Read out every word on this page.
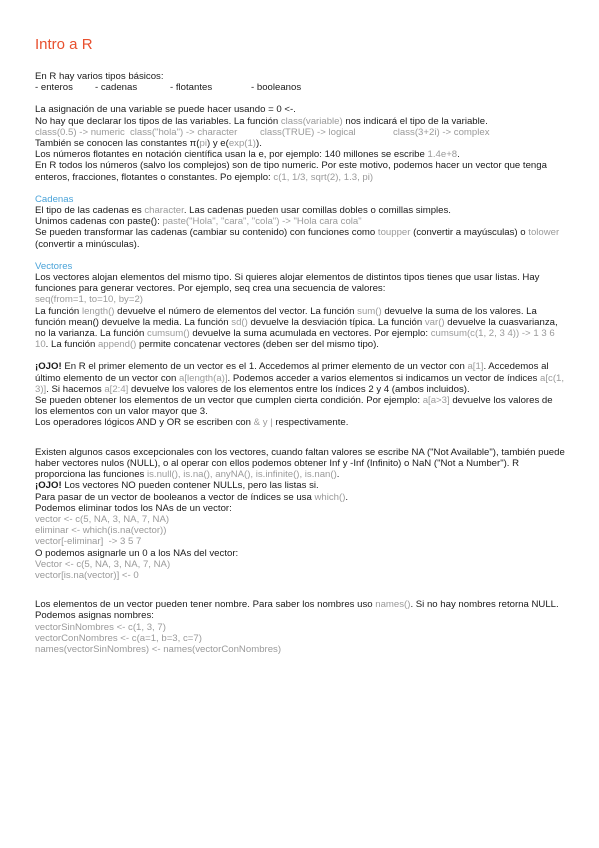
Intro a R

En R hay varios tipos básicos:

- enteros	- cadenas	- flotantes	- booleanos

La asignación de una variable se puede hacer usando = 0 <-.

No hay que declarar los tipos de las variables. La función class(variable) nos indicará el tipo de la variable.

class(0.5) -> numeric class("hola") -> character class(TRUE) -> logical	class(3+2i) -> complex

También se conocen las constantes π(pi) y e(exp(1)).

Los números flotantes en notación científica usan la e, por ejemplo: 140 millones se escribe 1.4e+8.

En R todos los números (salvo los complejos) son de tipo numeric. Por este motivo, podemos hacer un vector que tenga enteros, fracciones, flotantes o constantes. Po ejemplo: c(1, 1/3, sqrt(2), 1.3, pi)

Cadenas

El tipo de las cadenas es character. Las cadenas pueden usar comillas dobles o comillas simples.

Unimos cadenas con paste(): paste("Hola", "cara", "cola") -> "Hola cara cola"

Se pueden transformar las cadenas (cambiar su contenido) con funciones como toupper (convertir a mayúsculas) o tolower (convertir a minúsculas).

Vectores

Los vectores alojan elementos del mismo tipo. Si quieres alojar elementos de distintos tipos tienes que usar listas. Hay funciones para generar vectores. Por ejemplo, seq crea una secuencia de valores:

seq(from=1, to=10, by=2)

La función length() devuelve el número de elementos del vector. La función sum() devuelve la suma de los valores. La función mean() devuelve la media. La función sd() devuelve la desviación típica. La función var() devuelve la cuasvarianza, no la varianza. La función cumsum() devuelve la suma acumulada en vectores. Por ejemplo: cumsum(c(1, 2, 3 4)) -> 1 3 6 10. La función append() permite concatenar vectores (deben ser del mismo tipo).

¡OJO! En R el primer elemento de un vector es el 1. Accedemos al primer elemento de un vector con a[1]. Accedemos al último elemento de un vector con a[length(a)]. Podemos acceder a varios elementos si indicamos un vector de índices a[c(1, 3)]. Si hacemos a[2:4] devuelve los valores de los elementos entre los índices 2 y 4 (ambos incluidos).

Se pueden obtener los elementos de un vector que cumplen cierta condición. Por ejemplo: a[a>3] devuelve los valores de los elementos con un valor mayor que 3.

Los operadores lógicos AND y OR se escriben con & y | respectivamente.

Existen algunos casos excepcionales con los vectores, cuando faltan valores se escribe NA ("Not Available"), también puede haber vectores nulos (NULL), o al operar con ellos podemos obtener Inf y -Inf (Infinito) o NaN ("Not a Number"). R proporciona las funciones is.null(), is.na(), anyNA(), is.infinite(), is.nan().

¡OJO! Los vectores NO pueden contener NULLs, pero las listas si.

Para pasar de un vector de booleanos a vector de índices se usa which().

Podemos eliminar todos los NAs de un vector:

vector <- c(5, NA, 3, NA, 7, NA)

eliminar <- which(is.na(vector))

vector[-eliminar]  -> 3 5 7

O podemos asignarle un 0 a los NAs del vector:

Vector <- c(5, NA, 3, NA, 7, NA)

vector[is.na(vector)] <- 0

Los elementos de un vector pueden tener nombre. Para saber los nombres uso names(). Si no hay nombres retorna NULL. Podemos asignas nombres:

vectorSinNombres <- c(1, 3, 7)

vectorConNombres <- c(a=1, b=3, c=7)

names(vectorSinNombres) <- names(vectorConNombres)
